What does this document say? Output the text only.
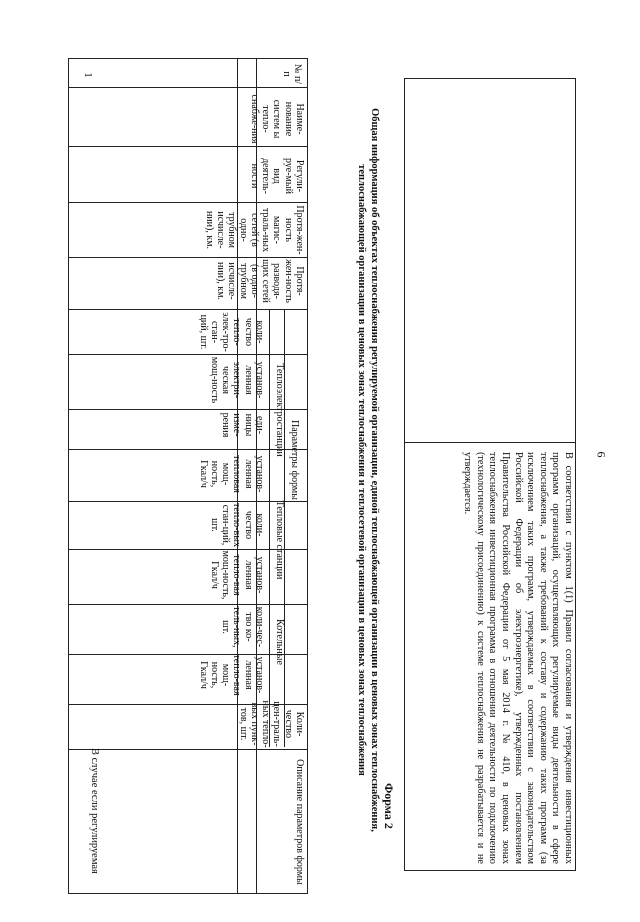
6
В соответствии с пунктом 1(1) Правил согласования и утверждения инвестиционных программ организаций, осуществляющих регулируемые виды деятельности в сфере теплоснабжения, а также требований к составу и содержанию таких программ (за исключением таких программ, утверждаемых в соответствии с законодательством Российской Федерации об электроэнергетике), утвержденных постановлением Правительства Российской Федерации от 5 мая 2014 г. № 410, в ценовых зонах теплоснабжения инвестиционная программа в отношении деятельности по подключению (технологическому присоединению) к системе теплоснабжения не разрабатывается и не утверждается.
Форма 2
Общая информация об объектах теплоснабжения регулируемой организации, единой теплоснабжающей организации в ценовых зонах теплоснабжения, теплоснабжающей организации в ценовых зонах теплоснабжения и теплосетевой организации в ценовых зонах теплоснабжения
№ п/п
Наиме-нование систем ы тепло-снабже-ния
Регули-руе-мый вид деятель-ности
Протя-жен-ность магис-траль-ных сетей (в одно-трубном исчисле-нии), км.
Протя-жен-ность разводя-щих сетей (в одно-трубном исчисле-нии), км.
Параметры формы
Теплоэлектростанции
Тепловые станции
Котельные
коли-чество тепло-элек-тро-стан-ций, шт.
установ-ленная электри-ческая мощ-ность
еди-ницы изме-рения
установ-ленная тепловая мощ-ность, Гкал/ч
коли-чество тепло-вых стан-ций, шт.
установ-ленная тепло-вая мощ-ность, Гкал/ч
коли-чес-тво ко-тель-ных, шт.
установ-ленная тепло-вая мощ-ность, Гкал/ч
Коли-чество цен-траль-ных тепло-вых пунк-тов, шт.
Описание параметров формы
1
В случае если регулируемая
